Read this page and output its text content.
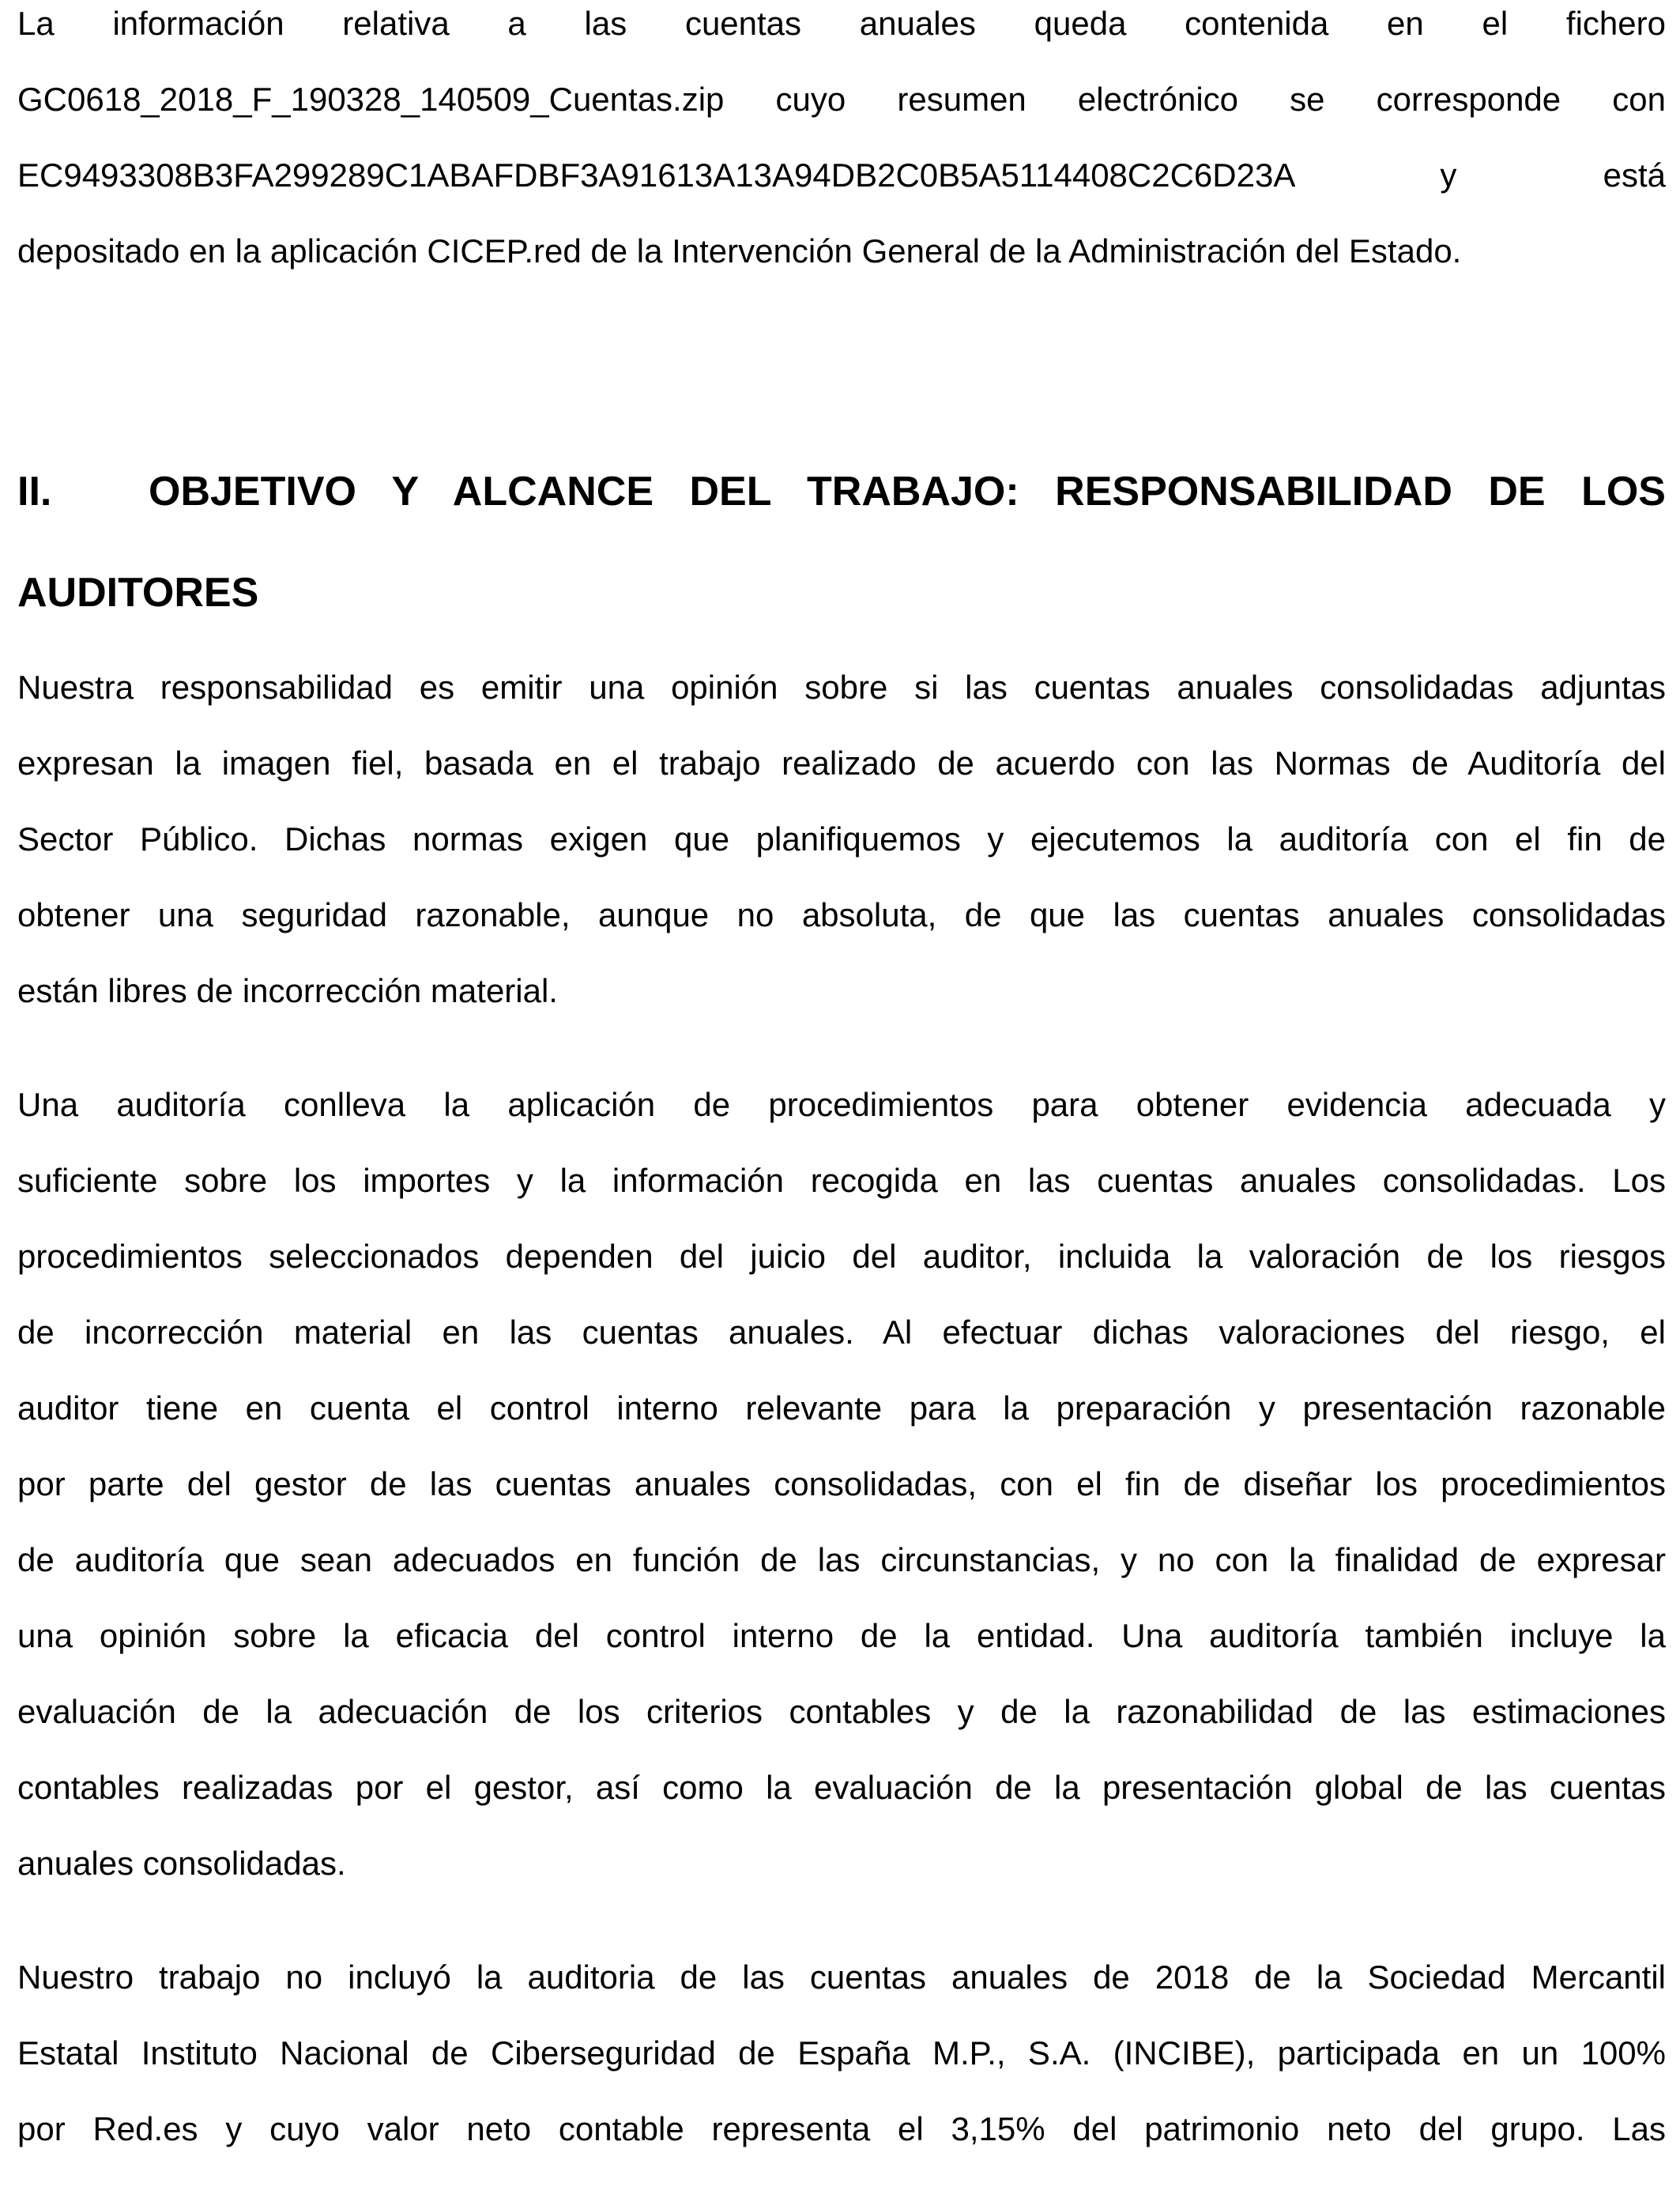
La información relativa a las cuentas anuales queda contenida en el fichero
GC0618_2018_F_190328_140509_Cuentas.zip cuyo resumen electrónico se corresponde con
EC9493308B3FA299289C1ABAFDBF3A91613A13A94DB2C0B5A5114408C2C6D23A y está
depositado en la aplicación CICEP.red de la Intervención General de la Administración del Estado.

II. OBJETIVO Y ALCANCE DEL TRABAJO: RESPONSABILIDAD DE LOS
AUDITORES

Nuestra responsabilidad es emitir una opinión sobre si las cuentas anuales consolidadas adjuntas
expresan la imagen fiel, basada en el trabajo realizado de acuerdo con las Normas de Auditoría del
Sector Público. Dichas normas exigen que planifiquemos y ejecutemos la auditoría con el fin de
obtener una seguridad razonable, aunque no absoluta, de que las cuentas anuales consolidadas
están libres de incorrección material.

Una auditoría conlleva la aplicación de procedimientos para obtener evidencia adecuada y
suficiente sobre los importes y la información recogida en las cuentas anuales consolidadas. Los
procedimientos seleccionados dependen del juicio del auditor, incluida la valoración de los riesgos
de incorrección material en las cuentas anuales. Al efectuar dichas valoraciones del riesgo, el
auditor tiene en cuenta el control interno relevante para la preparación y presentación razonable
por parte del gestor de las cuentas anuales consolidadas, con el fin de diseñar los procedimientos
de auditoría que sean adecuados en función de las circunstancias, y no con la finalidad de expresar
una opinión sobre la eficacia del control interno de la entidad. Una auditoría también incluye la
evaluación de la adecuación de los criterios contables y de la razonabilidad de las estimaciones
contables realizadas por el gestor, así como la evaluación de la presentación global de las cuentas
anuales consolidadas.

Nuestro trabajo no incluyó la auditoria de las cuentas anuales de 2018 de la Sociedad Mercantil
Estatal Instituto Nacional de Ciberseguridad de España M.P., S.A. (INCIBE), participada en un 100%
por Red.es y cuyo valor neto contable representa el 3,15% del patrimonio neto del grupo. Las
